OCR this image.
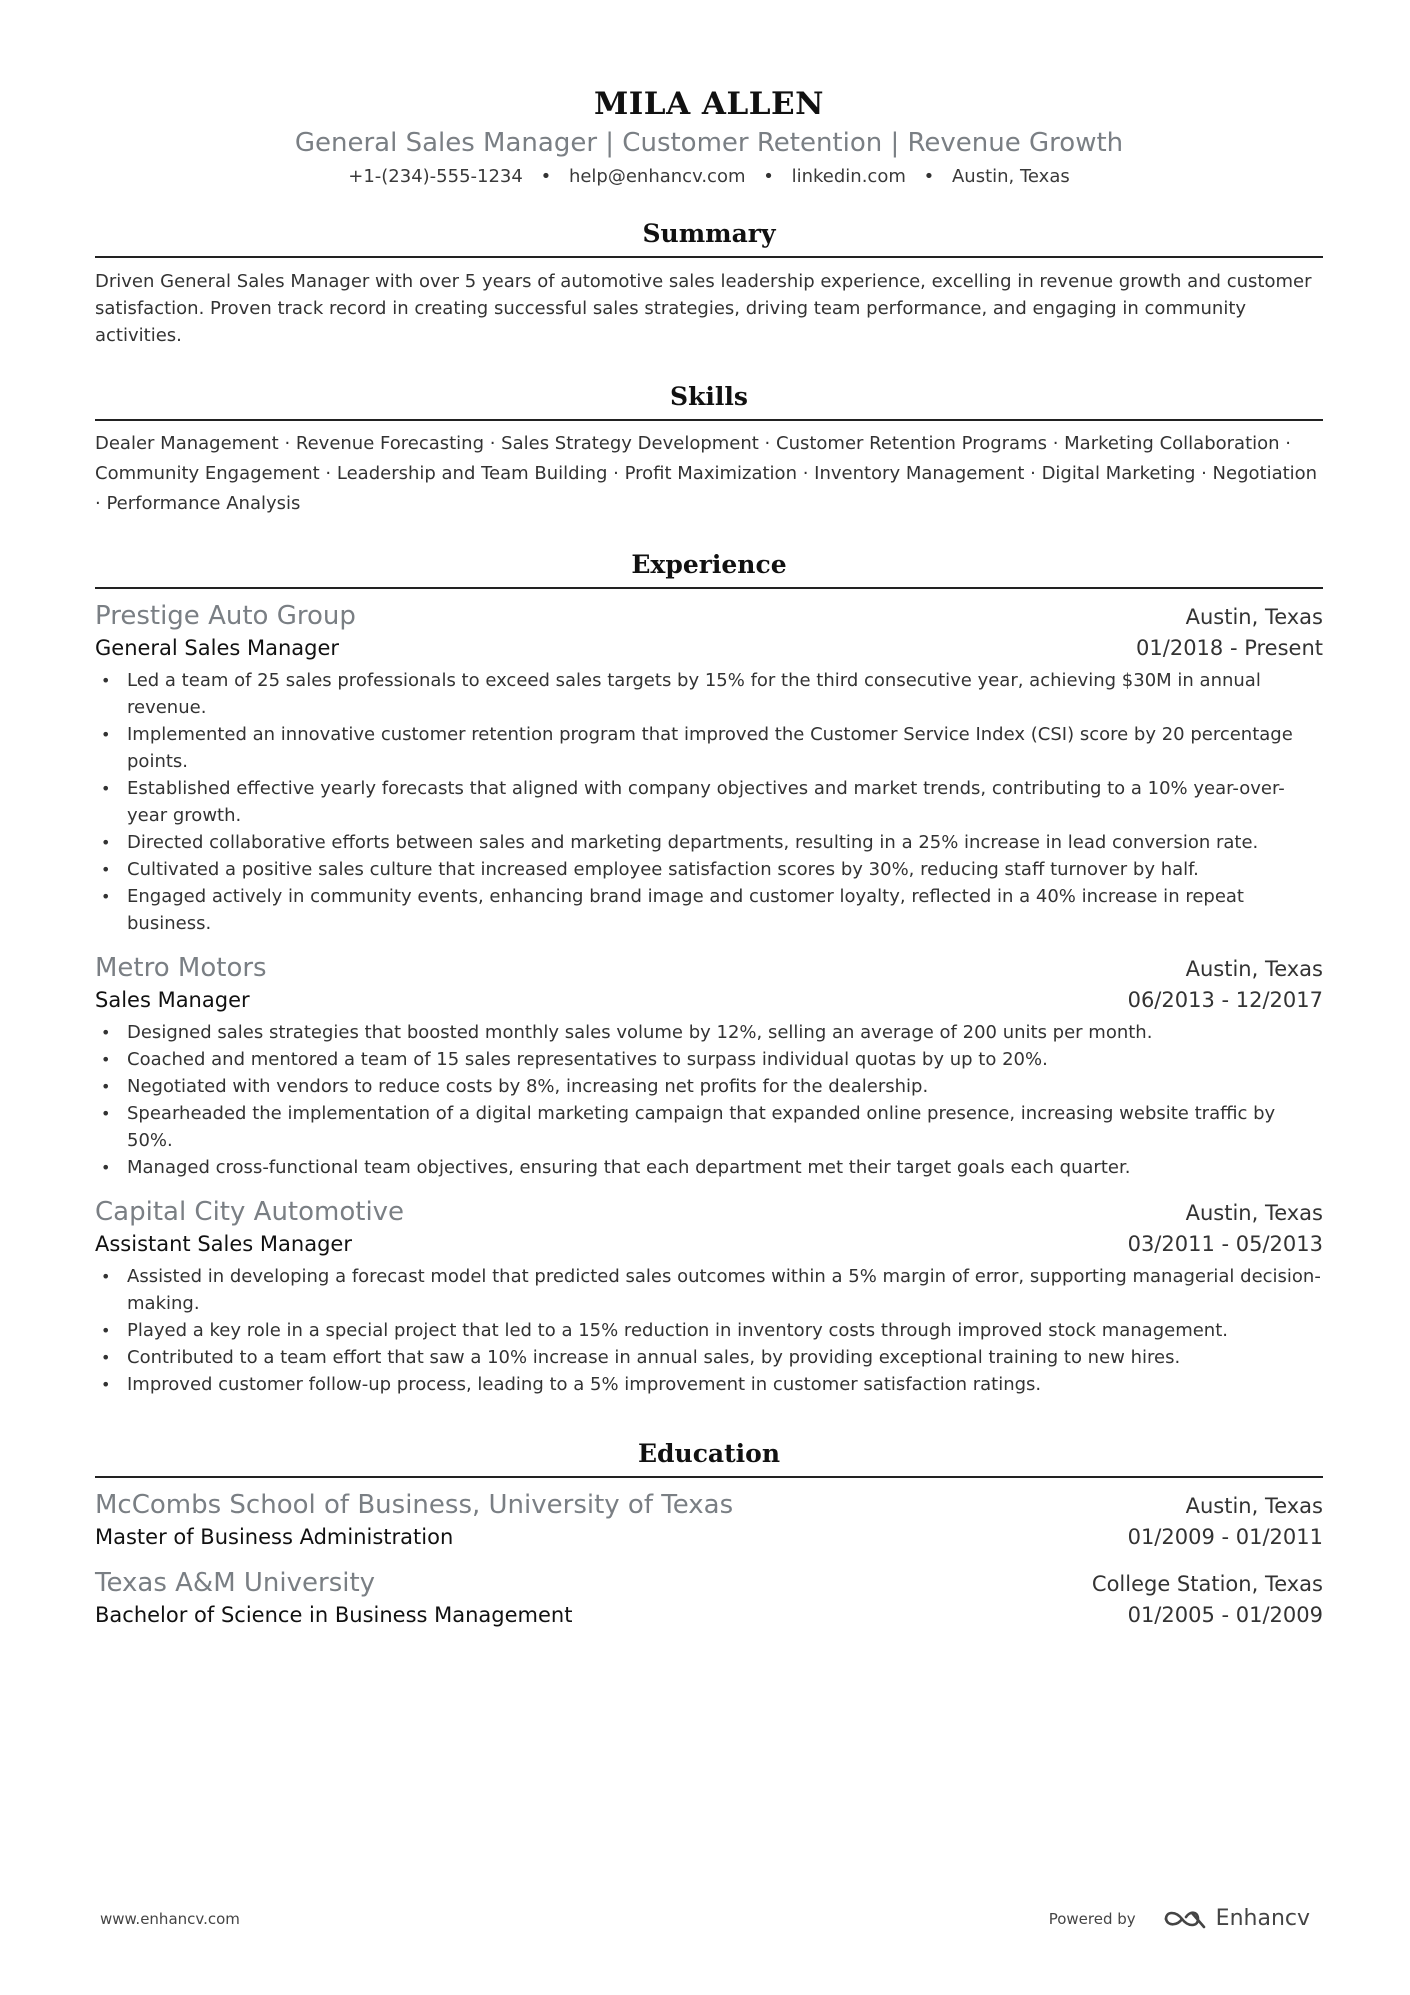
MILA ALLEN
General Sales Manager | Customer Retention | Revenue Growth
+1-(234)-555-1234 • help@enhancv.com • linkedin.com • Austin, Texas
Summary
Driven General Sales Manager with over 5 years of automotive sales leadership experience, excelling in revenue growth and customer satisfaction. Proven track record in creating successful sales strategies, driving team performance, and engaging in community activities.
Skills
Dealer Management · Revenue Forecasting · Sales Strategy Development · Customer Retention Programs · Marketing Collaboration · Community Engagement · Leadership and Team Building · Profit Maximization · Inventory Management · Digital Marketing · Negotiation · Performance Analysis
Experience
Prestige Auto Group	Austin, Texas
General Sales Manager	01/2018 - Present
• Led a team of 25 sales professionals to exceed sales targets by 15% for the third consecutive year, achieving $30M in annual revenue.
• Implemented an innovative customer retention program that improved the Customer Service Index (CSI) score by 20 percentage points.
• Established effective yearly forecasts that aligned with company objectives and market trends, contributing to a 10% year-over-year growth.
• Directed collaborative efforts between sales and marketing departments, resulting in a 25% increase in lead conversion rate.
• Cultivated a positive sales culture that increased employee satisfaction scores by 30%, reducing staff turnover by half.
• Engaged actively in community events, enhancing brand image and customer loyalty, reflected in a 40% increase in repeat business.
Metro Motors	Austin, Texas
Sales Manager	06/2013 - 12/2017
• Designed sales strategies that boosted monthly sales volume by 12%, selling an average of 200 units per month.
• Coached and mentored a team of 15 sales representatives to surpass individual quotas by up to 20%.
• Negotiated with vendors to reduce costs by 8%, increasing net profits for the dealership.
• Spearheaded the implementation of a digital marketing campaign that expanded online presence, increasing website traffic by 50%.
• Managed cross-functional team objectives, ensuring that each department met their target goals each quarter.
Capital City Automotive	Austin, Texas
Assistant Sales Manager	03/2011 - 05/2013
• Assisted in developing a forecast model that predicted sales outcomes within a 5% margin of error, supporting managerial decision-making.
• Played a key role in a special project that led to a 15% reduction in inventory costs through improved stock management.
• Contributed to a team effort that saw a 10% increase in annual sales, by providing exceptional training to new hires.
• Improved customer follow-up process, leading to a 5% improvement in customer satisfaction ratings.
Education
McCombs School of Business, University of Texas	Austin, Texas
Master of Business Administration	01/2009 - 01/2011
Texas A&M University	College Station, Texas
Bachelor of Science in Business Management	01/2005 - 01/2009
www.enhancv.com	Powered by	Enhancv
